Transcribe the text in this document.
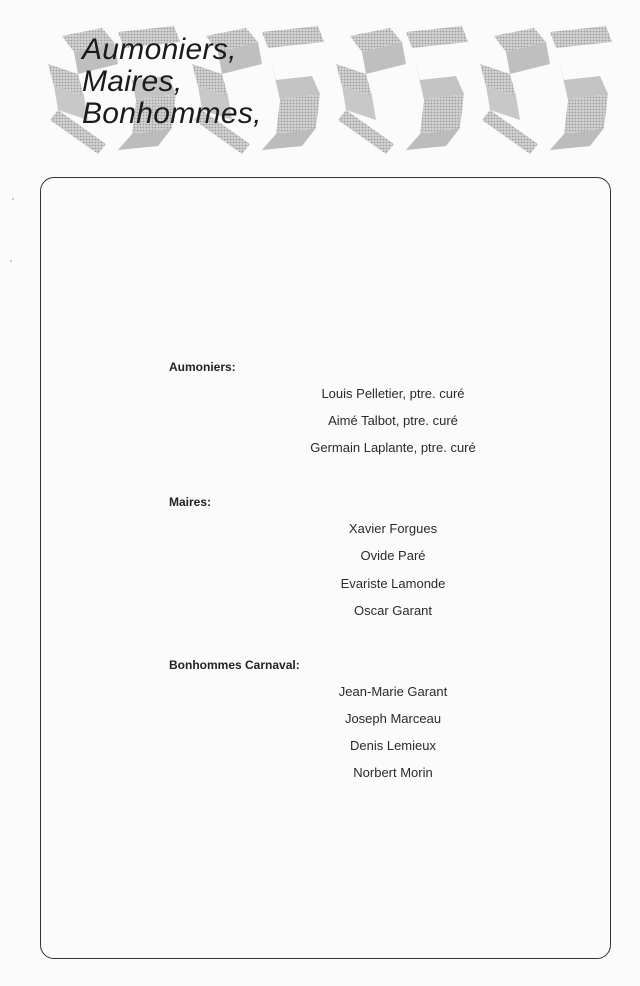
Aumoniers,
Maires,
Bonhommes,
Aumoniers:
Louis Pelletier, ptre. curé
Aimé Talbot, ptre. curé
Germain Laplante, ptre. curé
Maires:
Xavier Forgues
Ovide Paré
Evariste Lamonde
Oscar Garant
Bonhommes Carnaval:
Jean-Marie Garant
Joseph Marceau
Denis Lemieux
Norbert Morin
